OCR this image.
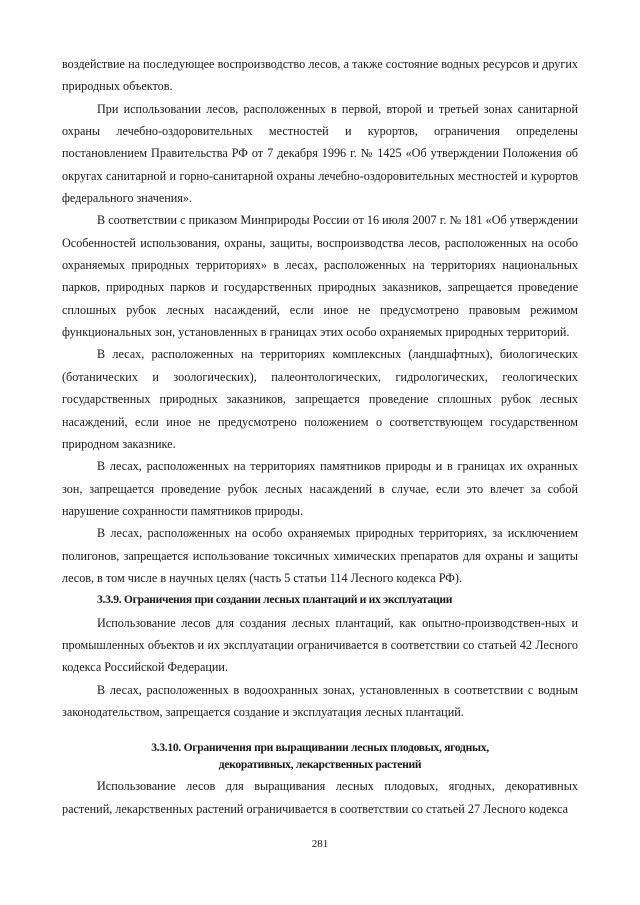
воздействие на последующее воспроизводство лесов, а также состояние водных ресурсов и других природных объектов.

При использовании лесов, расположенных в первой, второй и третьей зонах санитарной охраны лечебно-оздоровительных местностей и курортов, ограничения определены постановлением Правительства РФ от 7 декабря 1996 г. № 1425 «Об утверждении Положения об округах санитарной и горно-санитарной охраны лечебно-оздоровительных местностей и курортов федерального значения».

В соответствии с приказом Минприроды России от 16 июля 2007 г. № 181 «Об утверждении Особенностей использования, охраны, защиты, воспроизводства лесов, расположенных на особо охраняемых природных территориях» в лесах, расположенных на территориях национальных парков, природных парков и государственных природных заказников, запрещается проведение сплошных рубок лесных насаждений, если иное не предусмотрено правовым режимом функциональных зон, установленных в границах этих особо охраняемых природных территорий.

В лесах, расположенных на территориях комплексных (ландшафтных), биологических (ботанических и зоологических), палеонтологических, гидрологических, геологических государственных природных заказников, запрещается проведение сплошных рубок лесных насаждений, если иное не предусмотрено положением о соответствующем государственном природном заказнике.

В лесах, расположенных на территориях памятников природы и в границах их охранных зон, запрещается проведение рубок лесных насаждений в случае, если это влечет за собой нарушение сохранности памятников природы.

В лесах, расположенных на особо охраняемых природных территориях, за исключением полигонов, запрещается использование токсичных химических препаратов для охраны и защиты лесов, в том числе в научных целях (часть 5 статьи 114 Лесного кодекса РФ).

3.3.9. Ограничения при создании лесных плантаций и их эксплуатации

Использование лесов для создания лесных плантаций, как опытно-производствен-ных и промышленных объектов и их эксплуатации ограничивается в соответствии со статьей 42 Лесного кодекса Российской Федерации.

В лесах, расположенных в водоохранных зонах, установленных в соответствии с водным законодательством, запрещается создание и эксплуатация лесных плантаций.

3.3.10. Ограничения при выращивании лесных плодовых, ягодных,
декоративных, лекарственных растений

Использование лесов для выращивания лесных плодовых, ягодных, декоративных растений, лекарственных растений ограничивается в соответствии со статьей 27 Лесного кодекса

281
